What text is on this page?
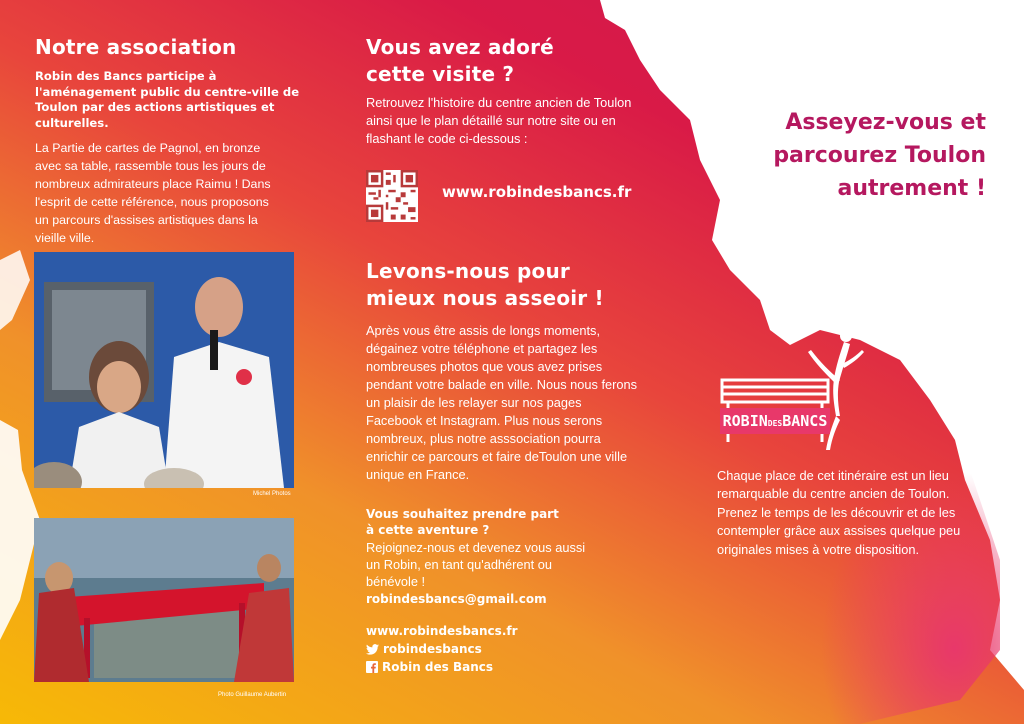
Notre association

Robin des Bancs participe à l'aménagement public du centre-ville de Toulon par des actions artistiques et culturelles.

La Partie de cartes de Pagnol, en bronze avec sa table, rassemble tous les jours de nombreux admirateurs place Raimu ! Dans l'esprit de cette référence, nous proposons un parcours d'assises artistiques dans la vieille ville.

Michel Photos
Photo Guillaume Aubertin
Vous avez adoré cette visite ?

Retrouvez l'histoire du centre ancien de Toulon ainsi que le plan détaillé sur notre site ou en flashant le code ci-dessous :

www.robindesbancs.fr
Levons-nous pour mieux nous asseoir !

Après vous être assis de longs moments, dégainez votre téléphone et partagez les nombreuses photos que vous avez prises pendant votre balade en ville. Nous nous ferons un plaisir de les relayer sur nos pages Facebook et Instagram. Plus nous serons nombreux, plus notre asssociation pourra enrichir ce parcours et faire deToulon une ville unique en France.

Vous souhaitez prendre part à cette aventure ?

Rejoignez-nous et devenez vous aussi un Robin, en tant qu'adhérent ou bénévole !

robindesbancs@gmail.com
www.robindesbancs.fr
robindesbancs
Robin des Bancs
Asseyez-vous et parcourez Toulon autrement !
ROBINDESBANCS
Chaque place de cet itinéraire est un lieu remarquable du centre ancien de Toulon. Prenez le temps de les découvrir et de les contempler grâce aux assises quelque peu originales mises à votre disposition.
